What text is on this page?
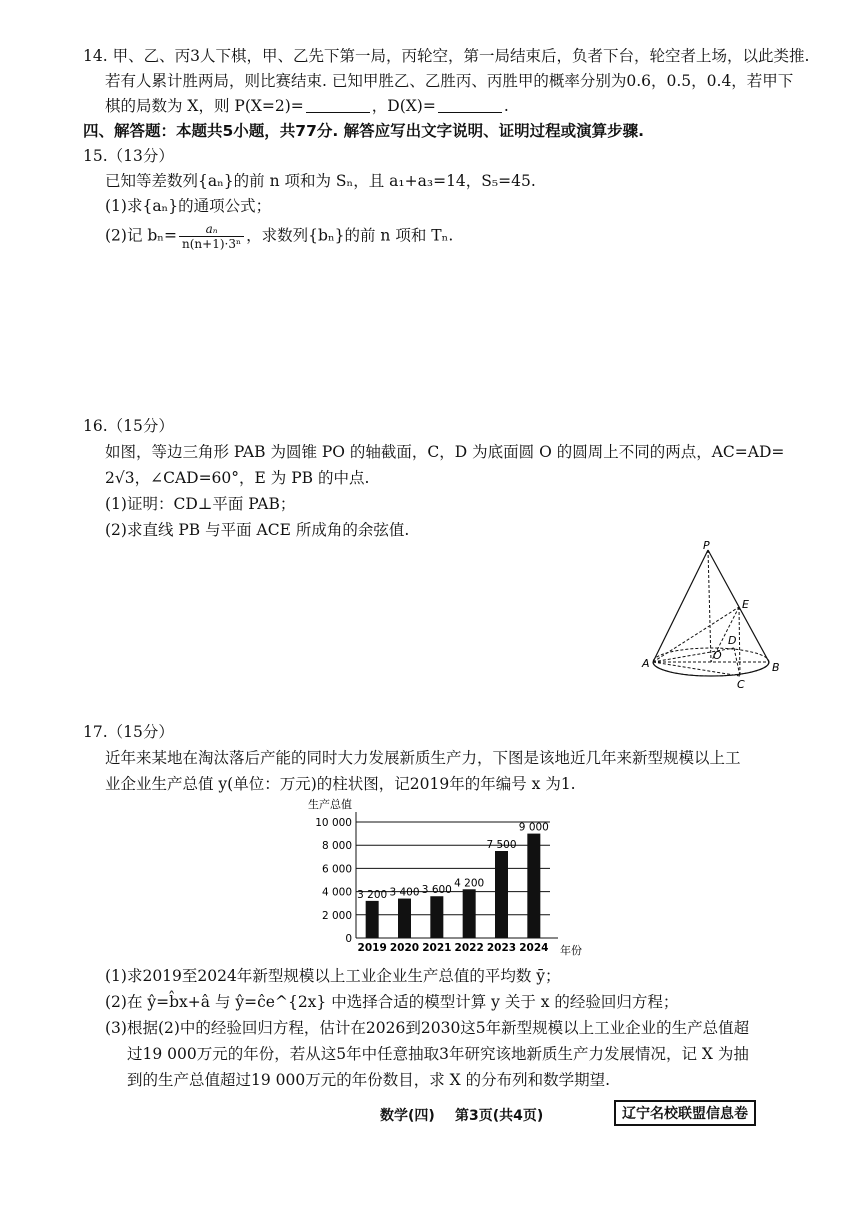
14. 甲、乙、丙3人下棋，甲、乙先下第一局，丙轮空，第一局结束后，负者下台，轮空者上场，以此类推.
若有人累计胜两局，则比赛结束. 已知甲胜乙、乙胜丙、丙胜甲的概率分别为0.6，0.5，0.4，若甲下
棋的局数为 X，则 P(X=2)=	，D(X)=	.
四、解答题：本题共5小题，共77分. 解答应写出文字说明、证明过程或演算步骤.
15.（13分）
已知等差数列{aₙ}的前 n 项和为 Sₙ，且 a₁+a₃=14，S₅=45.
(1)求{aₙ}的通项公式；
(2)记 $b_n= \frac{\text{aₙ}}{\text{n(n+1)·3ⁿ}}$ ，求数列{bₙ}的前 n 项和 Tₙ.
16.（15分）
如图，等边三角形 PAB 为圆锥 PO 的轴截面，C，D 为底面圆 O 的圆周上不同的两点，AC=AD=
2√3，∠CAD=60°，E 为 PB 的中点.
(1)证明：CD⊥平面 PAB；
(2)求直线 PB 与平面 ACE 所成角的余弦值.
P
E
D
O
A	B
C
17.（15分）
近年来某地在淘汰落后产能的同时大力发展新质生产力，下图是该地近几年来新型规模以上工
业企业生产总值 y(单位：万元)的柱状图，记2019年的年编号 x 为1.
生产总值
年份
0
2 000
4 000
6 000
8 000
10 000
3 200
2019
3 400
2020
3 600
2021
4 200
2022
7 500
2023
9 000
2024
(1)求2019至2024年新型规模以上工业企业生产总值的平均数 ȳ；
(2)在 ŷ=b̂x+â 与 ŷ=ĉe^{2x} 中选择合适的模型计算 y 关于 x 的经验回归方程；
(3)根据(2)中的经验回归方程，估计在2026到2030这5年新型规模以上工业企业的生产总值超
过19 000万元的年份，若从这5年中任意抽取3年研究该地新质生产力发展情况，记 X 为抽
到的生产总值超过19 000万元的年份数目，求 X 的分布列和数学期望.
数学(四) 第3页(共4页)	辽宁名校联盟信息卷
